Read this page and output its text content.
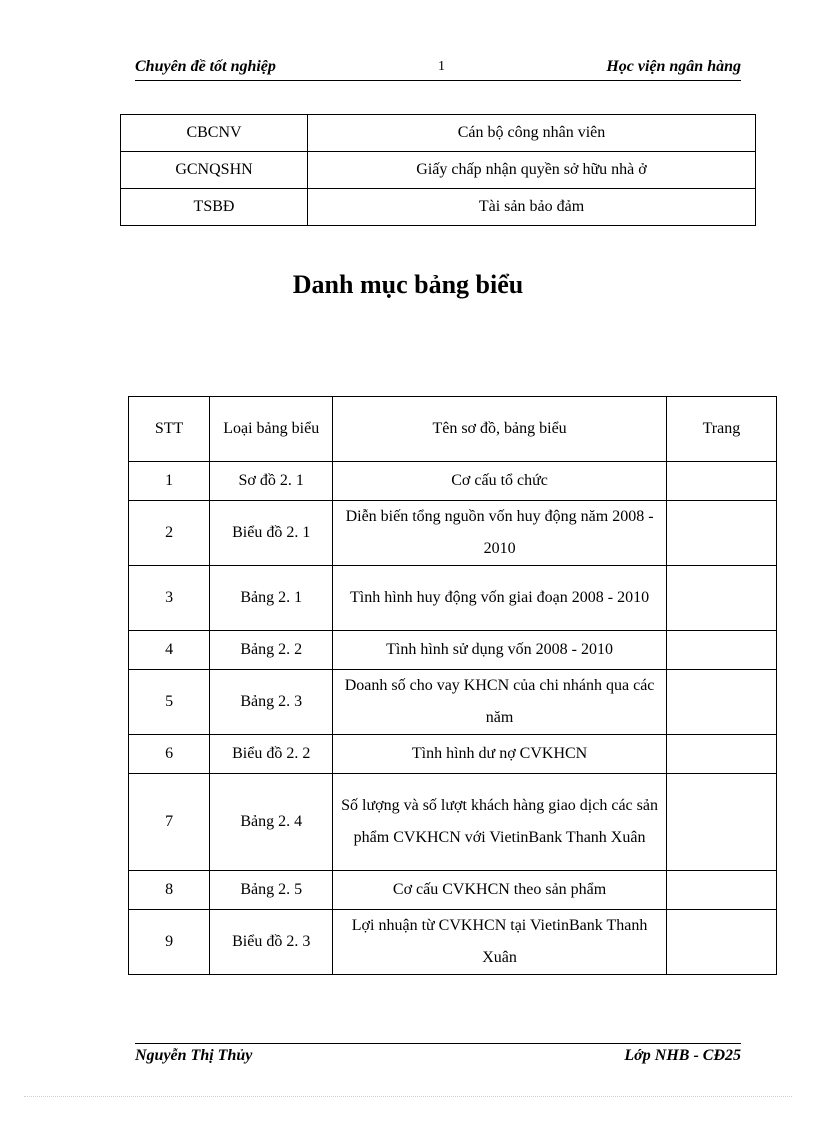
Chuyên đề tốt nghiệp	1	Học viện ngân hàng
CBCNV	Cán bộ công nhân viên
GCNQSHN	Giấy chấp nhận quyền sở hữu nhà ở
TSBĐ	Tài sản bảo đảm
Danh mục bảng biểu
STT	Loại bảng biểu	Tên sơ đồ, bảng biểu	Trang
1	Sơ đồ 2. 1	Cơ cấu tổ chức	
2	Biểu đồ 2. 1	Diễn biến tổng nguồn vốn huy động năm 2008 - 2010	
3	Bảng 2. 1	Tình hình huy động vốn giai đoạn 2008 - 2010	
4	Bảng 2. 2	Tình hình sử dụng vốn 2008 - 2010	
5	Bảng 2. 3	Doanh số cho vay KHCN của chi nhánh qua các năm	
6	Biểu đồ 2. 2	Tình hình dư nợ CVKHCN	
7	Bảng 2. 4	Số lượng và số lượt khách hàng giao dịch các sản phẩm CVKHCN với VietinBank Thanh Xuân	
8	Bảng 2. 5	Cơ cấu CVKHCN theo sản phẩm	
9	Biểu đồ 2. 3	Lợi nhuận từ CVKHCN tại VietinBank Thanh Xuân	
Nguyễn Thị Thủy	Lớp NHB - CĐ25
